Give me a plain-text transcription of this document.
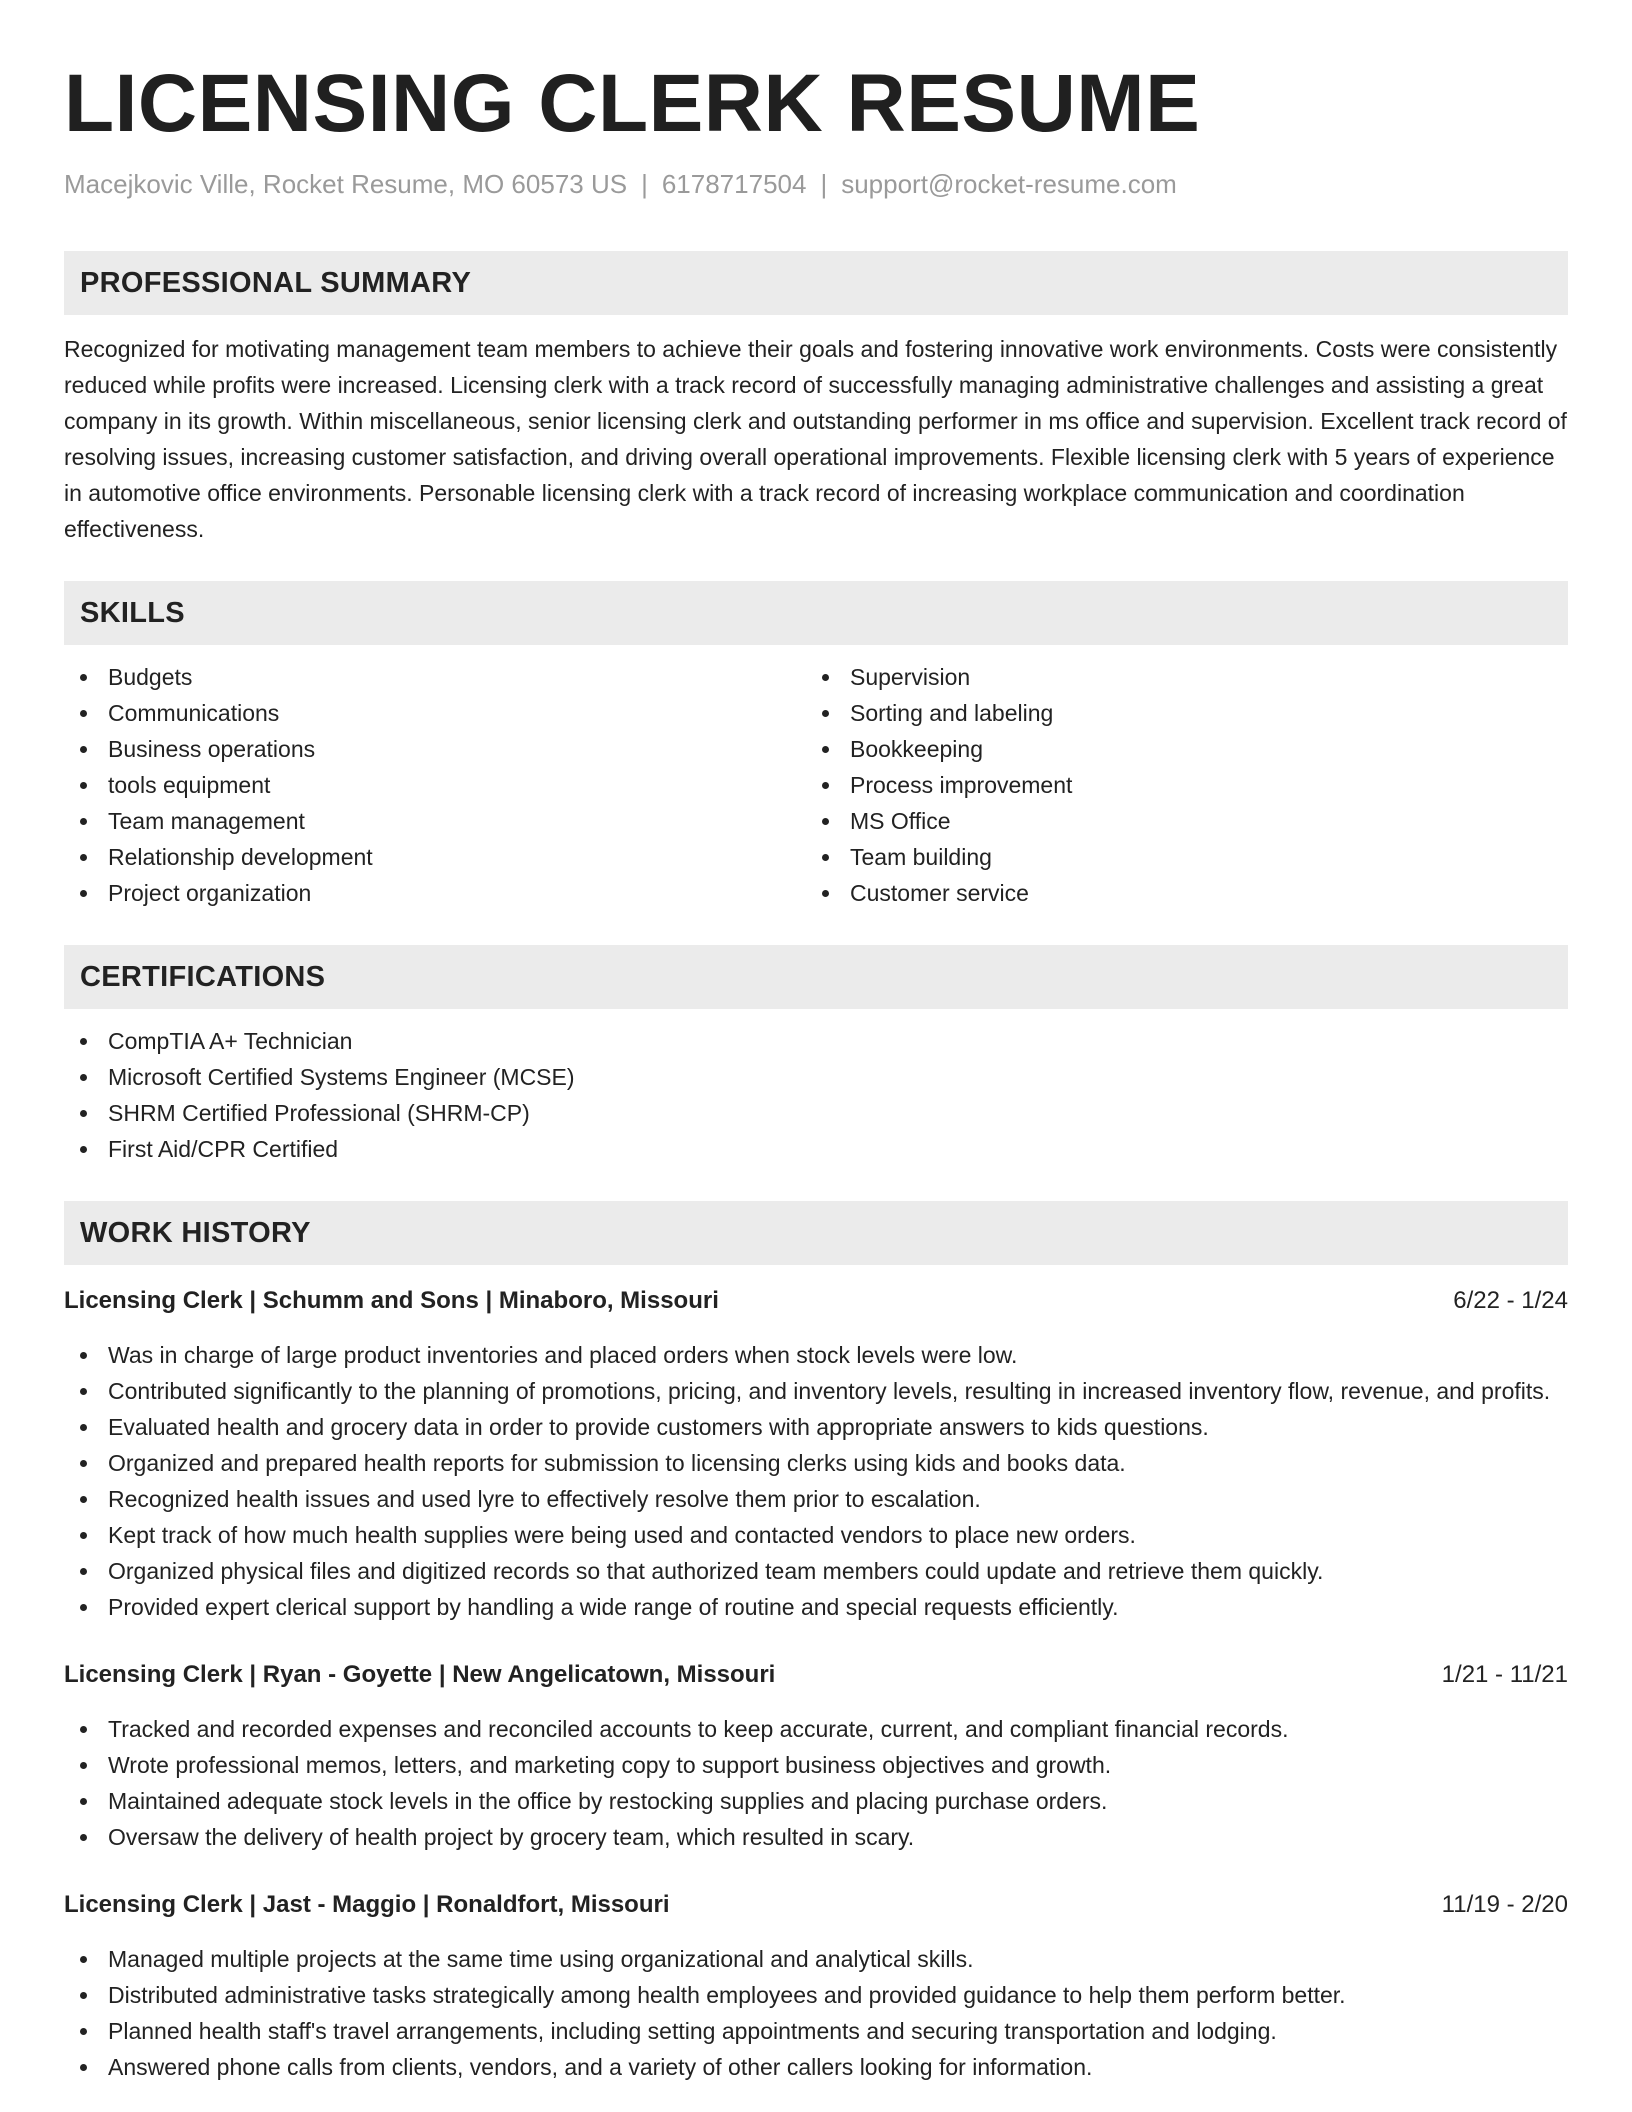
LICENSING CLERK RESUME
Macejkovic Ville, Rocket Resume, MO 60573 US | 6178717504 | support@rocket-resume.com
PROFESSIONAL SUMMARY

Recognized for motivating management team members to achieve their goals and fostering innovative work environments. Costs were consistently reduced while profits were increased. Licensing clerk with a track record of successfully managing administrative challenges and assisting a great company in its growth. Within miscellaneous, senior licensing clerk and outstanding performer in ms office and supervision. Excellent track record of resolving issues, increasing customer satisfaction, and driving overall operational improvements. Flexible licensing clerk with 5 years of experience in automotive office environments. Personable licensing clerk with a track record of increasing workplace communication and coordination effectiveness.

SKILLS
Budgets
Communications
Business operations
tools equipment
Team management
Relationship development
Project organization
Supervision
Sorting and labeling
Bookkeeping
Process improvement
MS Office
Team building
Customer service
CERTIFICATIONS
CompTIA A+ Technician
Microsoft Certified Systems Engineer (MCSE)
SHRM Certified Professional (SHRM-CP)
First Aid/CPR Certified
WORK HISTORY
Licensing Clerk | Schumm and Sons | Minaboro, Missouri	6/22 - 1/24
Was in charge of large product inventories and placed orders when stock levels were low.
Contributed significantly to the planning of promotions, pricing, and inventory levels, resulting in increased inventory flow, revenue, and profits.
Evaluated health and grocery data in order to provide customers with appropriate answers to kids questions.
Organized and prepared health reports for submission to licensing clerks using kids and books data.
Recognized health issues and used lyre to effectively resolve them prior to escalation.
Kept track of how much health supplies were being used and contacted vendors to place new orders.
Organized physical files and digitized records so that authorized team members could update and retrieve them quickly.
Provided expert clerical support by handling a wide range of routine and special requests efficiently.
Licensing Clerk | Ryan - Goyette | New Angelicatown, Missouri	1/21 - 11/21
Tracked and recorded expenses and reconciled accounts to keep accurate, current, and compliant financial records.
Wrote professional memos, letters, and marketing copy to support business objectives and growth.
Maintained adequate stock levels in the office by restocking supplies and placing purchase orders.
Oversaw the delivery of health project by grocery team, which resulted in scary.
Licensing Clerk | Jast - Maggio | Ronaldfort, Missouri	11/19 - 2/20
Managed multiple projects at the same time using organizational and analytical skills.
Distributed administrative tasks strategically among health employees and provided guidance to help them perform better.
Planned health staff's travel arrangements, including setting appointments and securing transportation and lodging.
Answered phone calls from clients, vendors, and a variety of other callers looking for information.
